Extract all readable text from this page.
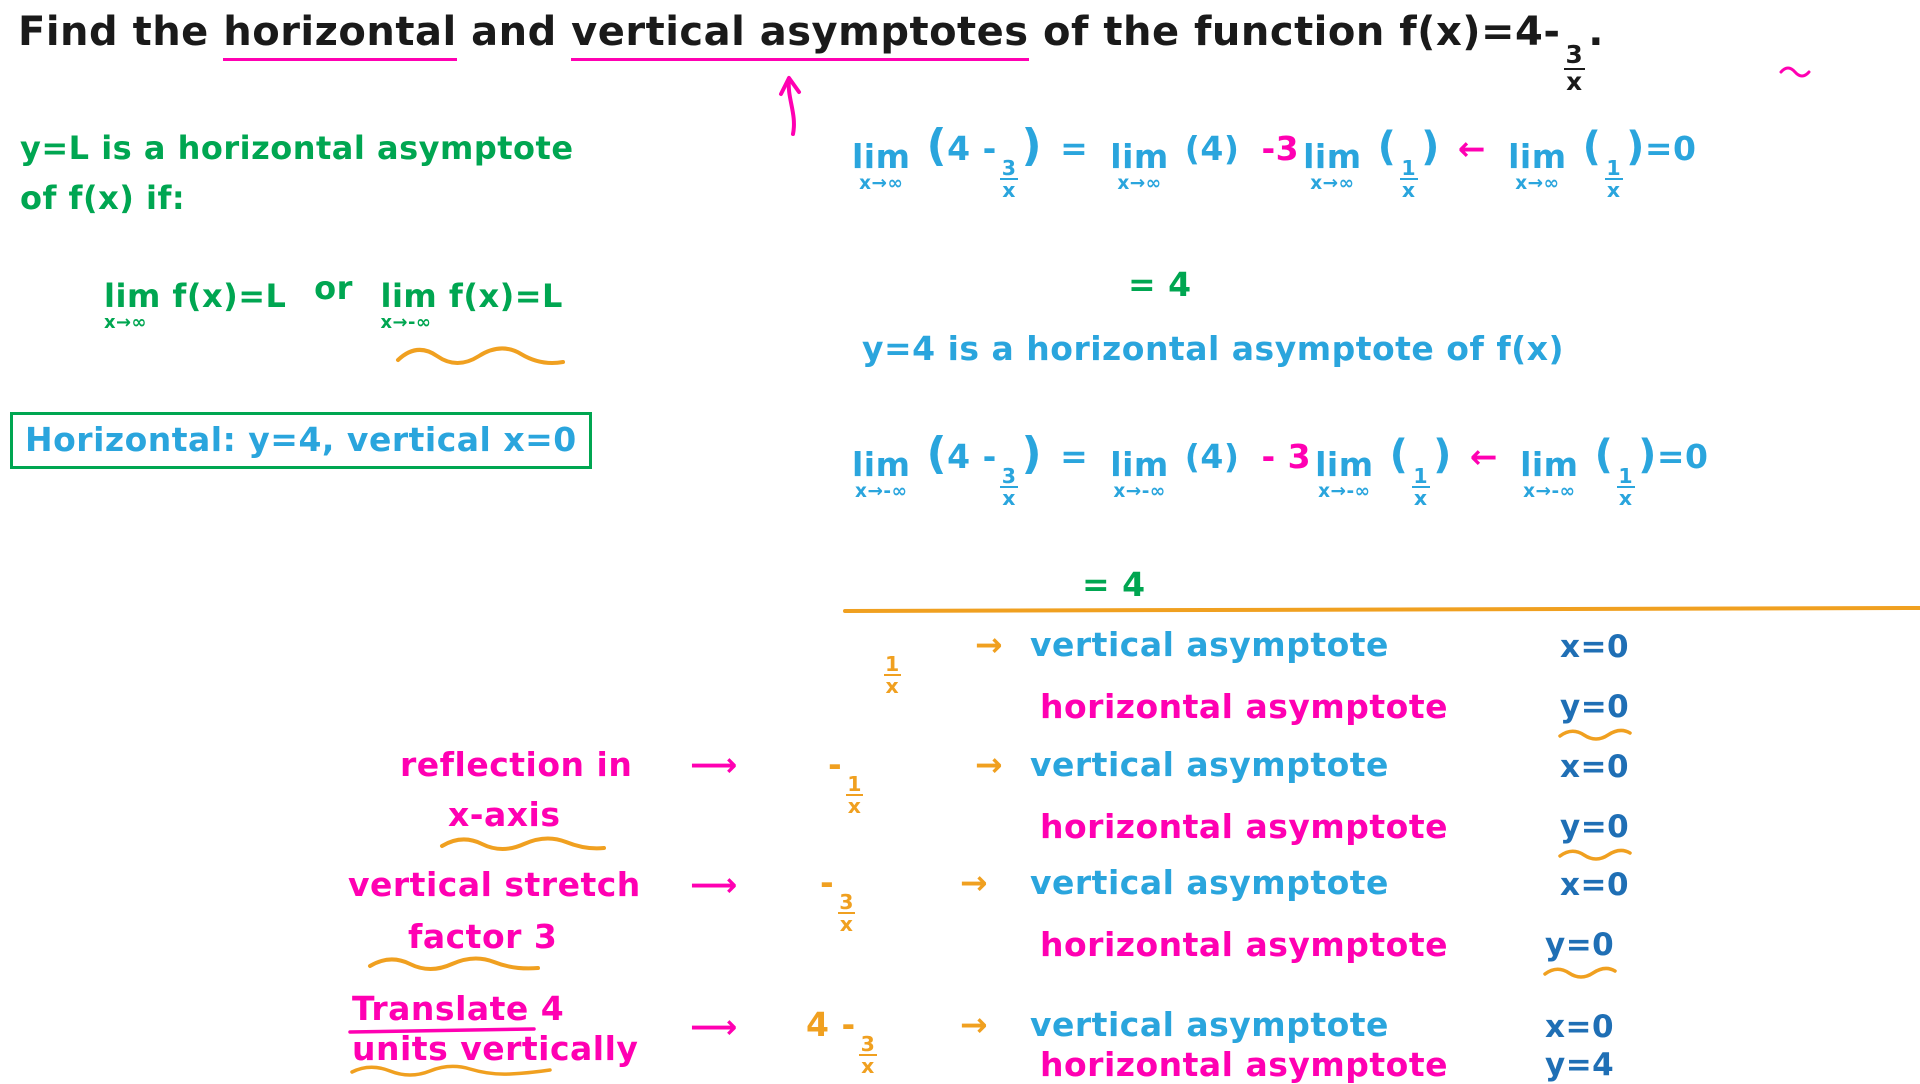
Find the horizontal and vertical asymptotes of the function f(x)=4-
$\frac{3}{x}$
.
y=L is a horizontal asymptote
of f(x) if:
lim f(x)=L
x→∞
or lim f(x)=L
x→-∞
Horizontal: y=4, vertical x=0
lim
x→∞
(4 -
$\frac{3}{x}$
) = lim
x→∞
(4) -3 lim
x→∞
(
$\frac{1}{x}$
) ← lim
x→∞
(
$\frac{1}{x}$
)=0
= 4
y=4 is a horizontal asymptote of f(x)
lim
x→-∞
(4 -
$\frac{3}{x}$
) = lim
x→-∞
(4) - 3 lim
x→-∞
(
$\frac{1}{x}$
) ← lim
x→-∞
(
$\frac{1}{x}$
)=0
= 4
$\frac{1}{x}$
→ vertical asymptote	x=0
horizontal asymptote	y=0
reflection in
x-axis
⟶	-
$\frac{1}{x}$
→ vertical asymptote	x=0
horizontal asymptote	y=0
vertical stretch ⟶
factor 3
-
$\frac{3}{x}$
→ vertical asymptote	x=0
horizontal asymptote	y=0
Translate 4
units vertically
⟶ 4 -
$\frac{3}{x}$
→ vertical asymptote	x=0
horizontal asymptote	y=4
